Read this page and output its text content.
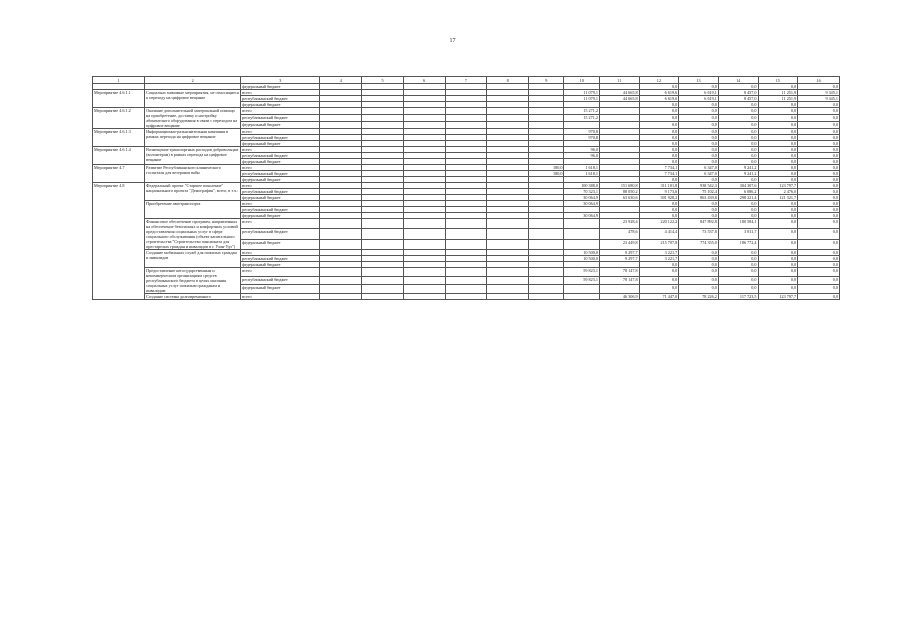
17
1	2	3	4	5	6	7	8	9	10	11	12	13	14	15	16
		федеральный бюджет									0,0	0,0	0,0	0,0	0,0
Мероприятие 4.6.1.1	Социально значимые мероприятия, не относящиеся к переходу на цифровое вещание	всего							11 079,1	44 665,8	6 619,6	6 619,1	8 457,0	11 251,9	9 345,1
		республиканский бюджет							11 079,1	44 665,8	6 619,6	6 619,1	8 457,0	11 251,9	9 345,1
		федеральный бюджет									0,0	0,0	0,0	0,0	0,0
Мероприятие 4.6.1.2	Оказание дополнительной материальной помощи на приобретение, доставку и настройку абонентского оборудования в связи с переходом на цифровое вещание	всего							15 271,2		0,0	0,0	0,0	0,0	0,0
		республиканский бюджет							15 271,2		0,0	0,0	0,0	0,0	0,0
		федеральный бюджет									0,0	0,0	0,0	0,0	0,0
Мероприятие 4.6.1.3	Информационно-разъяснительная кампания в рамках перехода на цифровое вещание	всего							970,8		0,0	0,0	0,0	0,0	0,0
		республиканский бюджет							970,8		0,0	0,0	0,0	0,0	0,0
		федеральный бюджет									0,0	0,0	0,0	0,0	0,0
Мероприятие 4.6.1.4	Возмещение транспортных расходов добровольцам (волонтерам) в рамках перехода на цифровое вещание	всего							96,0		0,0	0,0	0,0	0,0	0,0
		республиканский бюджет							96,0		0,0	0,0	0,0	0,0	0,0
		федеральный бюджет									0,0	0,0	0,0	0,0	0,0
Мероприятие 4.7	Развитие Республиканского клинического госпиталя для ветеранов войн	всего						180,0	1 618,1		7 734,1	6 347,0	9 241,2	0,0	0,0
		республиканский бюджет						180,0	1 618,1		7 734,1	6 347,0	9 241,2	0,0	0,0
		федеральный бюджет									0,0	0,0	0,0	0,0	0,0
Мероприятие 4.8	Федеральный проект "Старшее поколение" национального проекта "Демография", всего, в т.ч.:	всего							100 388,0	151 680,8	311 101,8	938 542,3	304 307,6	123 797,7	0,0
		республиканский бюджет							70 323,1	88 050,2	9 173,6	75 102,4	6 086,2	2 476,0	0,0
		федеральный бюджет							30 064,9	63 630,6	301 928,2	863 439,8	298 221,4	121 321,7	0,0
	Приобретение автотранспорта	всего							30 064,9		0,0	0,0	0,0	0,0	0,0
		республиканский бюджет									0,0	0,0	0,0	0,0	0,0
		федеральный бюджет							30 064,9		0,0	0,0	0,0	0,0	0,0
	Финансовое обеспечение программ, направленных на обеспечение безопасных и комфортных условий предоставления социальных услуг в сфере социального обслуживания (объект капитального строительства "Строительство пансионата для престарелых граждан и инвалидов в г. Улан-Удэ")	всего								23 928,4	220 122,2	847 892,8	180 584,1	0,0	0,0
		республиканский бюджет								478,6	4 414,4	73 537,8	3 811,7	0,0	0,0
		федеральный бюджет								23 449,8	215 707,8	774 355,0	186 772,4	0,0	0,0
	Создание мобильных служб для пожилых граждан и инвалидов	всего							10 500,0	9 297,7	3 221,7	0,0	0,0	0,0	0,0
		республиканский бюджет							10 500,0	9 297,7	3 221,7	0,0	0,0	0,0	0,0
		федеральный бюджет									0,0	0,0	0,0	0,0	0,0
	Предоставление негосударственным и некоммерческим организациям средств республиканского бюджета в целях оказания социальных услуг пожилым гражданам и инвалидам	всего							59 823,1	78 147,8	0,0	0,0	0,0	0,0	0,0
		республиканский бюджет							59 823,1	78 147,8	0,0	0,0	0,0	0,0	0,0
		федеральный бюджет									0,0	0,0	0,0	0,0	0,0
	Создание системы долговременного	всего								46 306,9	71 447,0	78 226,2	117 723,5	123 797,7	0,0
